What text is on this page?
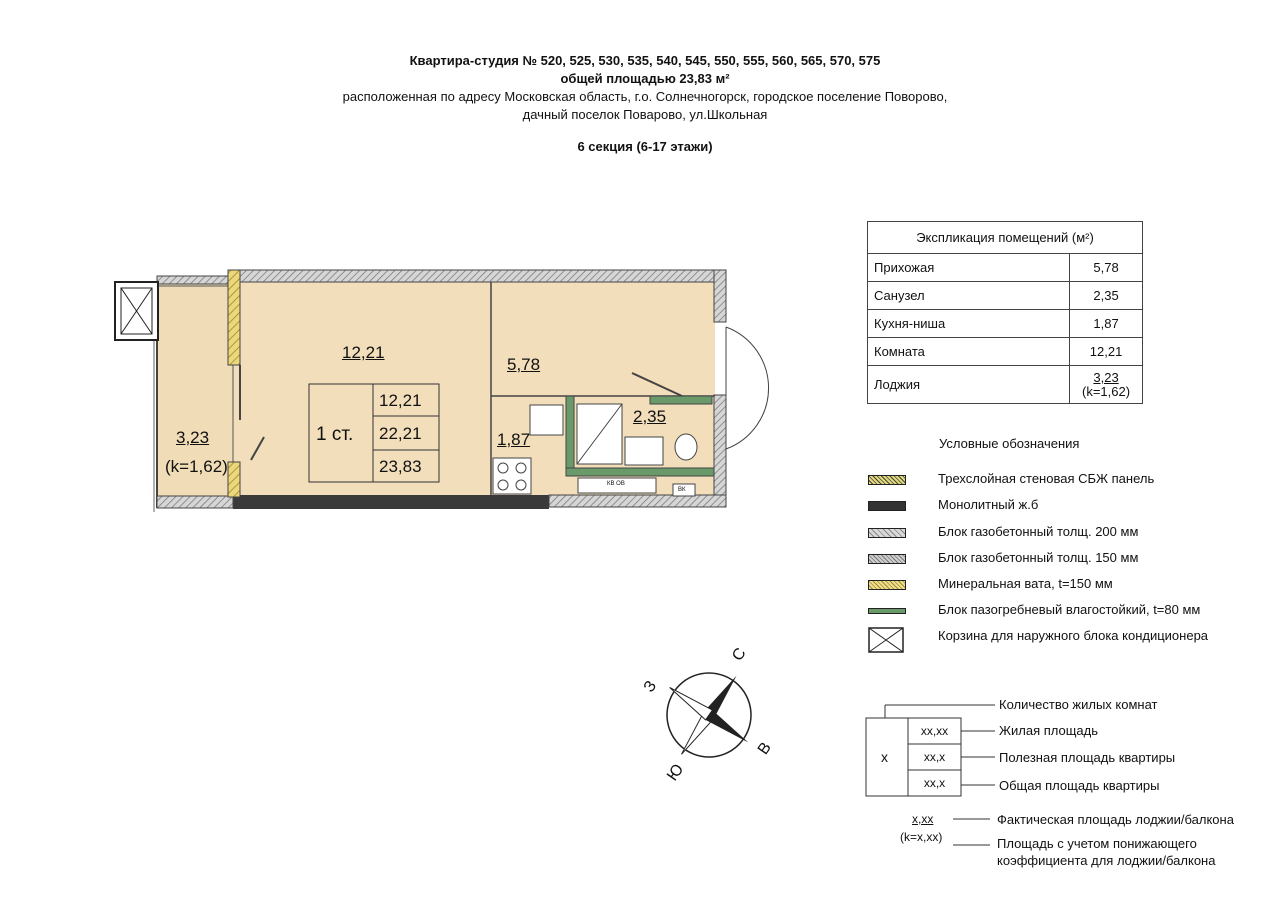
Квартира-студия № 520, 525, 530, 535, 540, 545, 550, 555, 560, 565, 570, 575
общей площадью 23,83 м²
расположенная по адресу Московская область, г.о. Солнечногорск, городское поселение Поворово,
дачный поселок Поварово, ул.Школьная
6 секция (6-17 этажи)
3,23
(k=1,62)
12,21
5,78
1,87
2,35
1 ст.
12,21
22,21
23,83
КВ ОВ
ВК
Экспликация помещений (м²)	
Прихожая	5,78
Санузел	2,35
Кухня-ниша	1,87
Комната	12,21
Лоджия	3,23
(k=1,62)
Условные обозначения
Трехслойная стеновая СБЖ панель
Монолитный ж.б
Блок газобетонный толщ. 200 мм
Блок газобетонный толщ. 150 мм
Минеральная вата, t=150 мм
Блок пазогребневый влагостойкий, t=80 мм
Корзина для наружного блока кондиционера
С
В
Ю
З
x
xx,xx
xx,x
xx,x
Количество жилых комнат
Жилая площадь
Полезная площадь квартиры
Общая площадь квартиры
x,xx
(k=x,xx)
Фактическая площадь лоджии/балкона
Площадь с учетом понижающего
коэффициента для лоджии/балкона
